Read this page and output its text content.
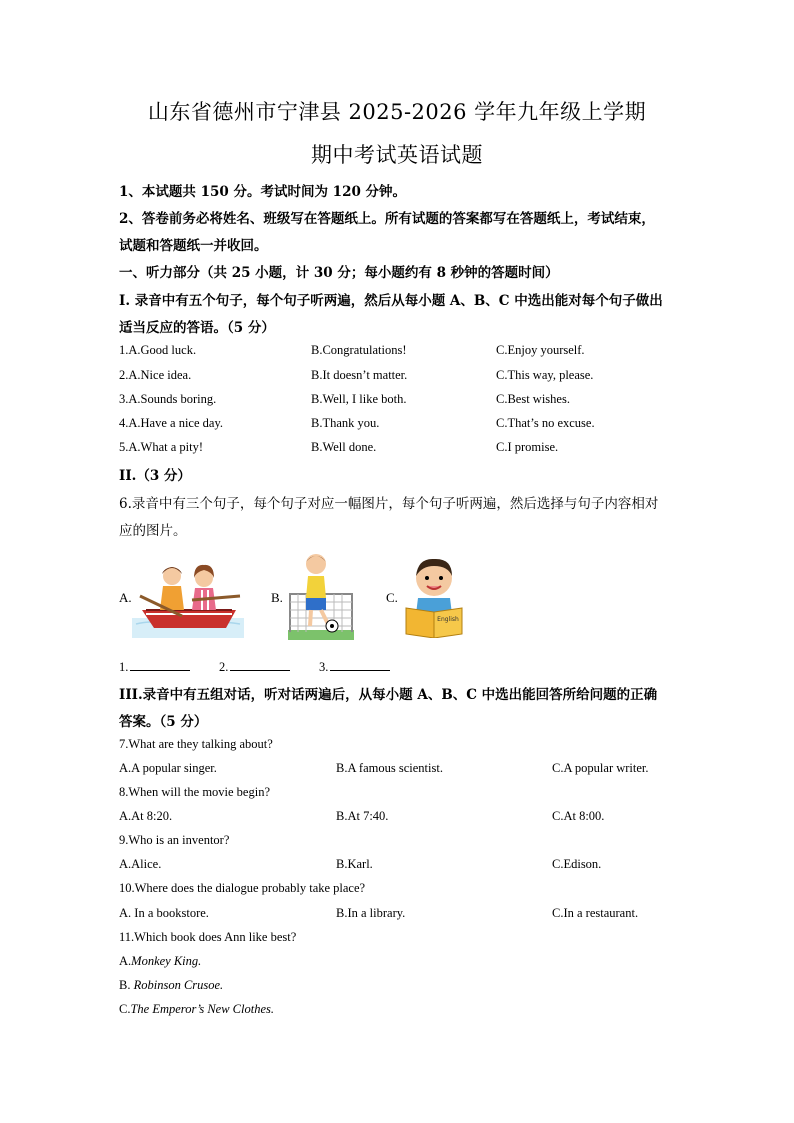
山东省德州市宁津县 2025-2026 学年九年级上学期
期中考试英语试题
1、本试题共 150 分。考试时间为 120 分钟。
2、答卷前务必将姓名、班级写在答题纸上。所有试题的答案都写在答题纸上，考试结束，
试题和答题纸一并收回。
一、听力部分（共 25 小题，计 30 分；每小题约有 8 秒钟的答题时间）
I. 录音中有五个句子，每个句子听两遍，然后从每小题 A、B、C 中选出能对每个句子做出
适当反应的答语。（5 分）
1.A.Good luck.	B.Congratulations!	C.Enjoy yourself.
2.A.Nice idea.	B.It doesn’t matter.	C.This way, please.
3.A.Sounds boring.	B.Well, I like both.	C.Best wishes.
4.A.Have a nice day.	B.Thank you.	C.That’s no excuse.
5.A.What a pity!	B.Well done.	C.I promise.
II.（3 分）
6.录音中有三个句子，每个句子对应一幅图片，每个句子听两遍，然后选择与句子内容相对
应的图片。
A.	B.	C.
English
1.	2.	3.
III.录音中有五组对话，听对话两遍后，从每小题 A、B、C 中选出能回答所给问题的正确
答案。（5 分）
7.What are they talking about?
A.A popular singer.	B.A famous scientist.	C.A popular writer.
8.When will the movie begin?
A.At 8:20.	B.At 7:40.	C.At 8:00.
9.Who is an inventor?
A.Alice.	B.Karl.	C.Edison.
10.Where does the dialogue probably take place?
A. In a bookstore.	B.In a library.	C.In a restaurant.
11.Which book does Ann like best?
A.Monkey King.
B. Robinson Crusoe.
C.The Emperor’s New Clothes.
